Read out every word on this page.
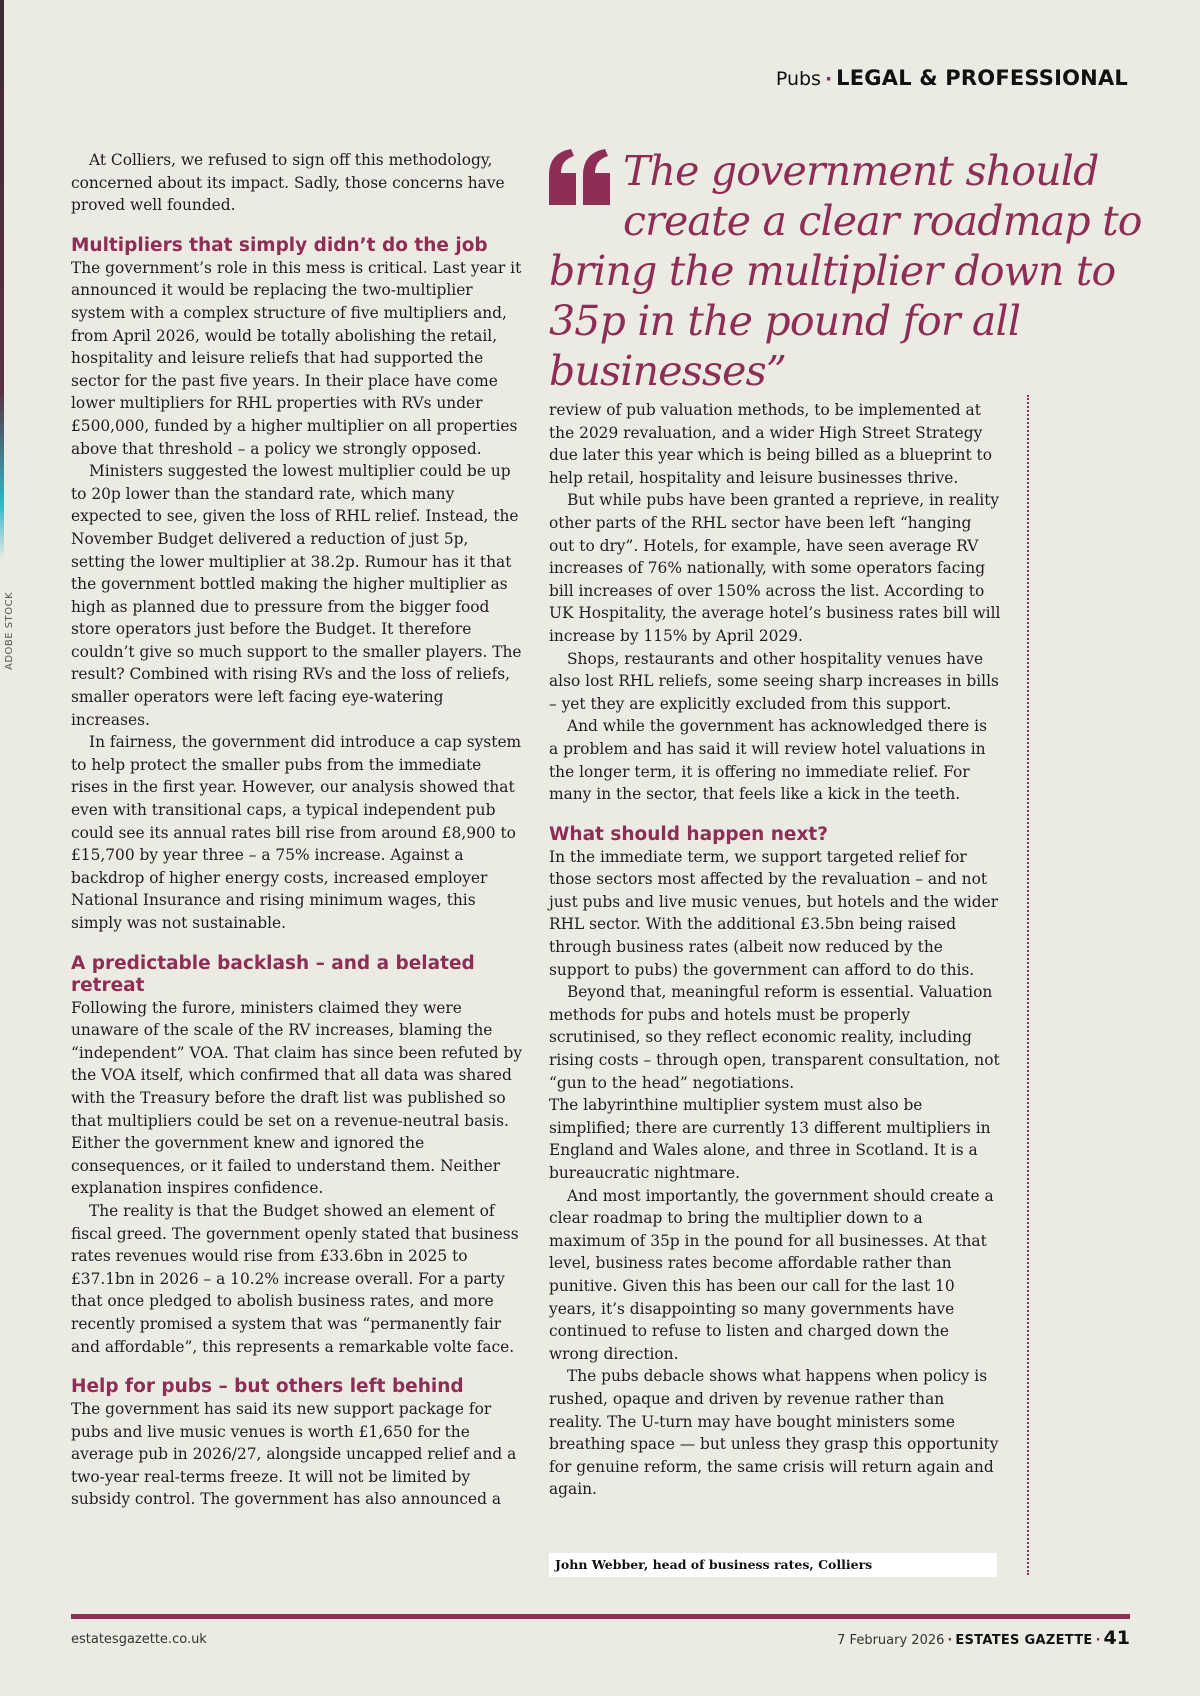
ADOBE STOCK
Pubs · LEGAL & PROFESSIONAL

At Colliers, we refused to sign off this methodology, concerned about its impact. Sadly, those concerns have proved well founded.

Multipliers that simply didn’t do the job

The government’s role in this mess is critical. Last year it announced it would be replacing the two-multiplier system with a complex structure of five multipliers and, from April 2026, would be totally abolishing the retail, hospitality and leisure reliefs that had supported the sector for the past five years. In their place have come lower multipliers for RHL properties with RVs under £500,000, funded by a higher multiplier on all properties above that threshold – a policy we strongly opposed.

Ministers suggested the lowest multiplier could be up to 20p lower than the standard rate, which many expected to see, given the loss of RHL relief. Instead, the November Budget delivered a reduction of just 5p, setting the lower multiplier at 38.2p. Rumour has it that the government bottled making the higher multiplier as high as planned due to pressure from the bigger food store operators just before the Budget. It therefore couldn’t give so much support to the smaller players. The result? Combined with rising RVs and the loss of reliefs, smaller operators were left facing eye-watering increases.

In fairness, the government did introduce a cap system to help protect the smaller pubs from the immediate rises in the first year. However, our analysis showed that even with transitional caps, a typical independent pub could see its annual rates bill rise from around £8,900 to £15,700 by year three – a 75% increase. Against a backdrop of higher energy costs, increased employer National Insurance and rising minimum wages, this simply was not sustainable.

A predictable backlash – and a belated retreat

Following the furore, ministers claimed they were unaware of the scale of the RV increases, blaming the “independent” VOA. That claim has since been refuted by the VOA itself, which confirmed that all data was shared with the Treasury before the draft list was published so that multipliers could be set on a revenue-neutral basis. Either the government knew and ignored the consequences, or it failed to understand them. Neither explanation inspires confidence.

The reality is that the Budget showed an element of fiscal greed. The government openly stated that business rates revenues would rise from £33.6bn in 2025 to £37.1bn in 2026 – a 10.2% increase overall. For a party that once pledged to abolish business rates, and more recently promised a system that was “permanently fair and affordable”, this represents a remarkable volte face.

Help for pubs – but others left behind

The government has said its new support package for pubs and live music venues is worth £1,650 for the average pub in 2026/27, alongside uncapped relief and a two-year real-terms freeze. It will not be limited by subsidy control. The government has also announced a

The government should create a clear roadmap to bring the multiplier down to 35p in the pound for all businesses”

review of pub valuation methods, to be implemented at the 2029 revaluation, and a wider High Street Strategy due later this year which is being billed as a blueprint to help retail, hospitality and leisure businesses thrive.

But while pubs have been granted a reprieve, in reality other parts of the RHL sector have been left “hanging out to dry”. Hotels, for example, have seen average RV increases of 76% nationally, with some operators facing bill increases of over 150% across the list. According to UK Hospitality, the average hotel’s business rates bill will increase by 115% by April 2029.

Shops, restaurants and other hospitality venues have also lost RHL reliefs, some seeing sharp increases in bills – yet they are explicitly excluded from this support.

And while the government has acknowledged there is a problem and has said it will review hotel valuations in the longer term, it is offering no immediate relief. For many in the sector, that feels like a kick in the teeth.

What should happen next?

In the immediate term, we support targeted relief for those sectors most affected by the revaluation – and not just pubs and live music venues, but hotels and the wider RHL sector. With the additional £3.5bn being raised through business rates (albeit now reduced by the support to pubs) the government can afford to do this.

Beyond that, meaningful reform is essential. Valuation methods for pubs and hotels must be properly scrutinised, so they reflect economic reality, including rising costs – through open, transparent consultation, not “gun to the head” negotiations.

The labyrinthine multiplier system must also be simplified; there are currently 13 different multipliers in England and Wales alone, and three in Scotland. It is a bureaucratic nightmare.

And most importantly, the government should create a clear roadmap to bring the multiplier down to a maximum of 35p in the pound for all businesses. At that level, business rates become affordable rather than punitive. Given this has been our call for the last 10 years, it’s disappointing so many governments have continued to refuse to listen and charged down the wrong direction.

The pubs debacle shows what happens when policy is rushed, opaque and driven by revenue rather than reality. The U-turn may have bought ministers some breathing space — but unless they grasp this opportunity for genuine reform, the same crisis will return again and again.

John Webber, head of business rates, Colliers
estatesgazette.co.uk	7 February 2026 · ESTATES GAZETTE · 41
